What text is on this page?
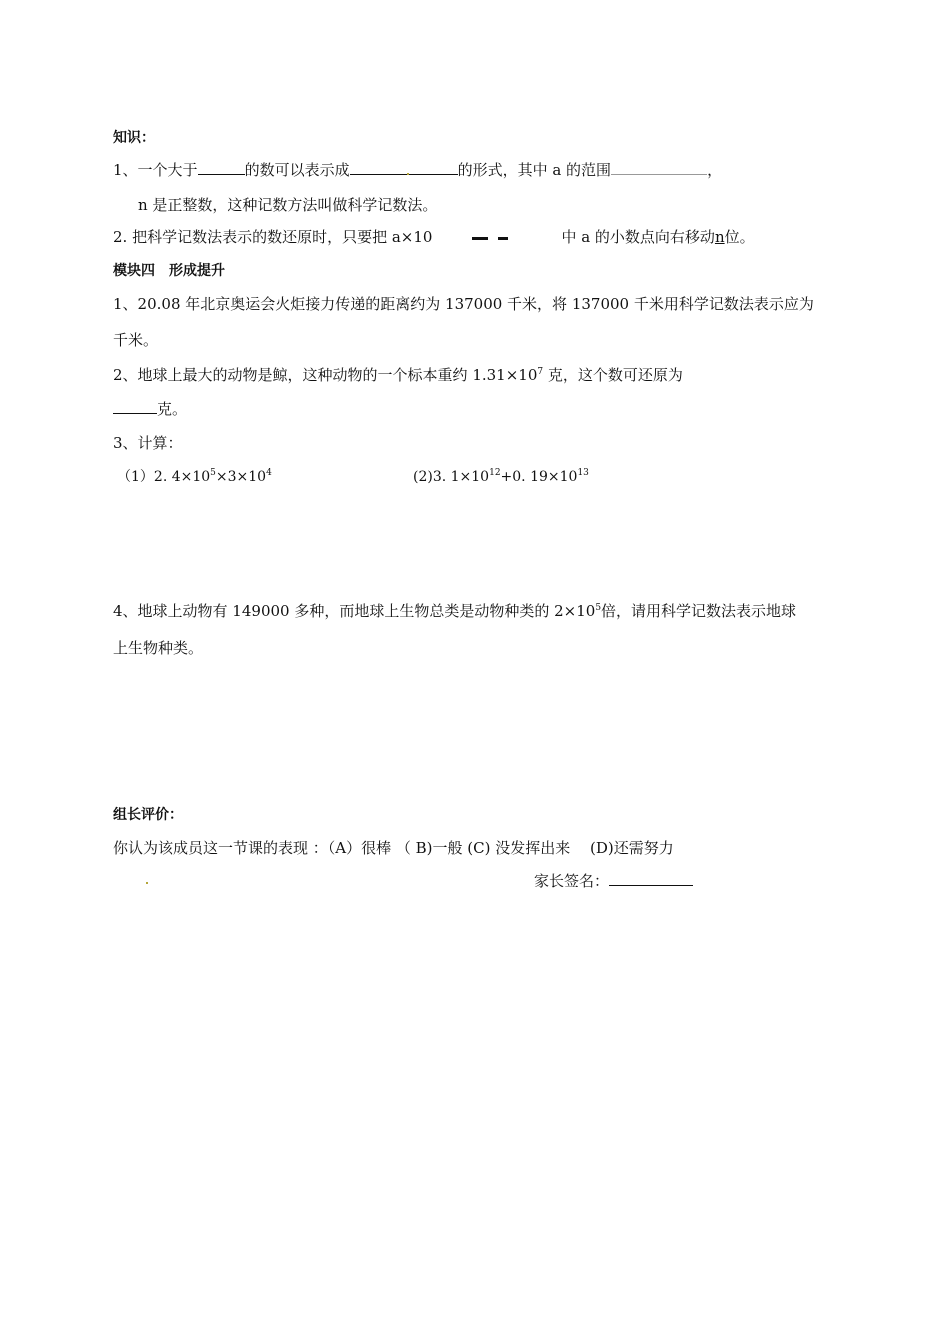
知识：
1、一个大于	的数可以表示成	的形式，其中 a 的范围	，
n 是正整数，这种记数方法叫做科学记数法。
2. 把科学记数法表示的数还原时，只要把 a×10	中 a 的小数点向右移动n位。
模块四　形成提升
1、20.08 年北京奥运会火炬接力传递的距离约为 137000 千米，将 137000 千米用科学记数法表示应为
千米。
2、地球上最大的动物是鲸，这种动物的一个标本重约 $1.31\times 10^7$ 克，这个数可还原为
克。
3、计算：
（1）2. $4\times 10^5\times 3\times 10^4$	(2)3. $1\times 10^{12}+0$. $19\times 10^{13}$
4、地球上动物有 149000 多种，而地球上生物总类是动物种类的 $2\times 10^5$倍，请用科学记数法表示地球
上生物种类。
组长评价：
你认为该成员这一节课的表现 ：（A）很棒 （ B)一般 (C) 没发挥出来 　(D)还需努力
家长签名：
